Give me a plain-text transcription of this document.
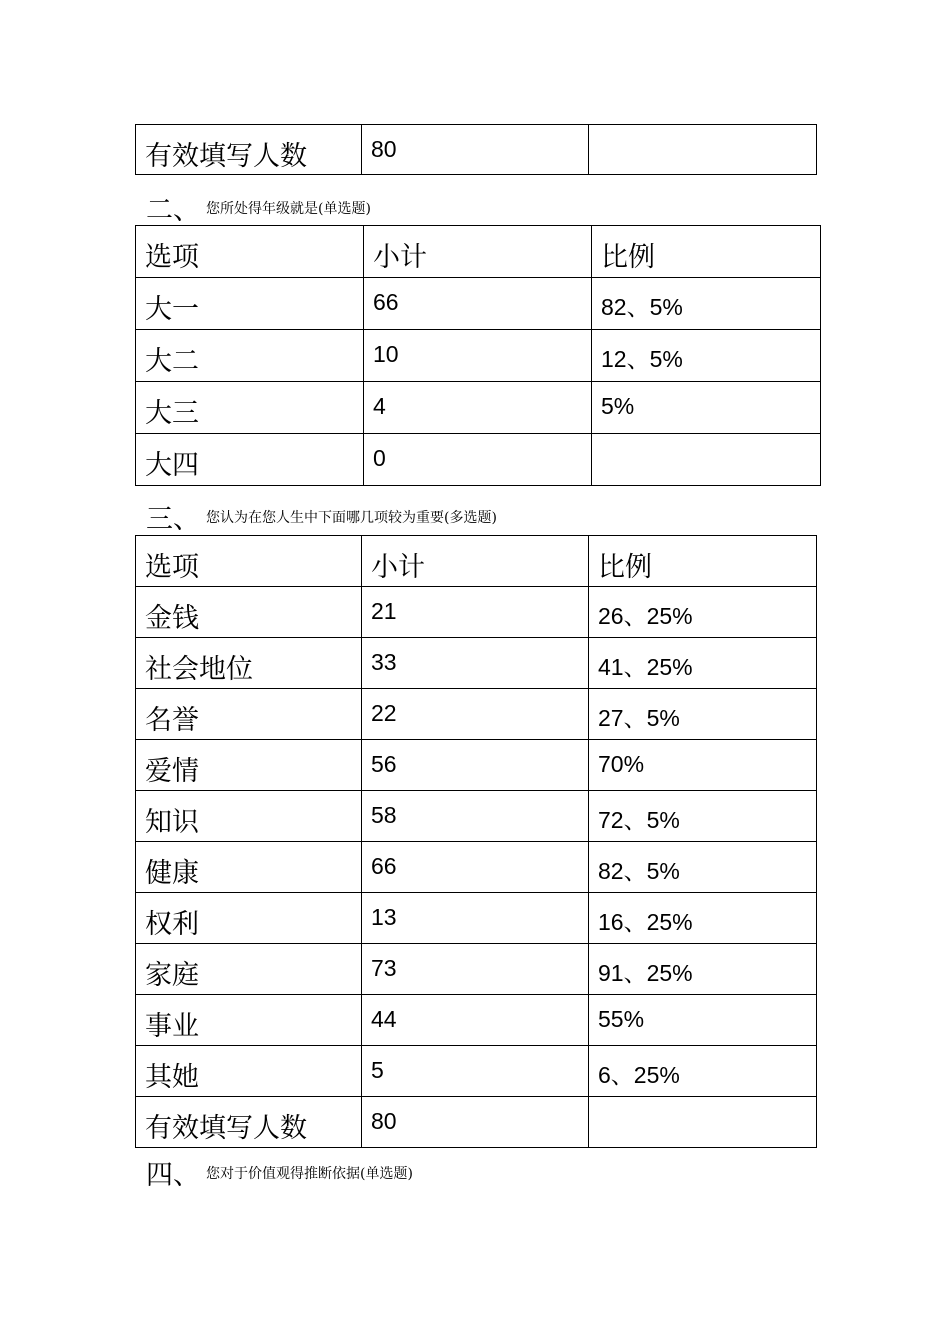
有效填写人数	80	
二、 您所处得年级就是(单选题)
选项	小计	比例
大一	66	82、5%
大二	10	12、5%
大三	4	5%
大四	0	
三、 您认为在您人生中下面哪几项较为重要(多选题)
选项	小计	比例
金钱	21	26、25%
社会地位	33	41、25%
名誉	22	27、5%
爱情	56	70%
知识	58	72、5%
健康	66	82、5%
权利	13	16、25%
家庭	73	91、25%
事业	44	55%
其她	5	6、25%
有效填写人数	80	
四、 您对于价值观得推断依据(单选题)
